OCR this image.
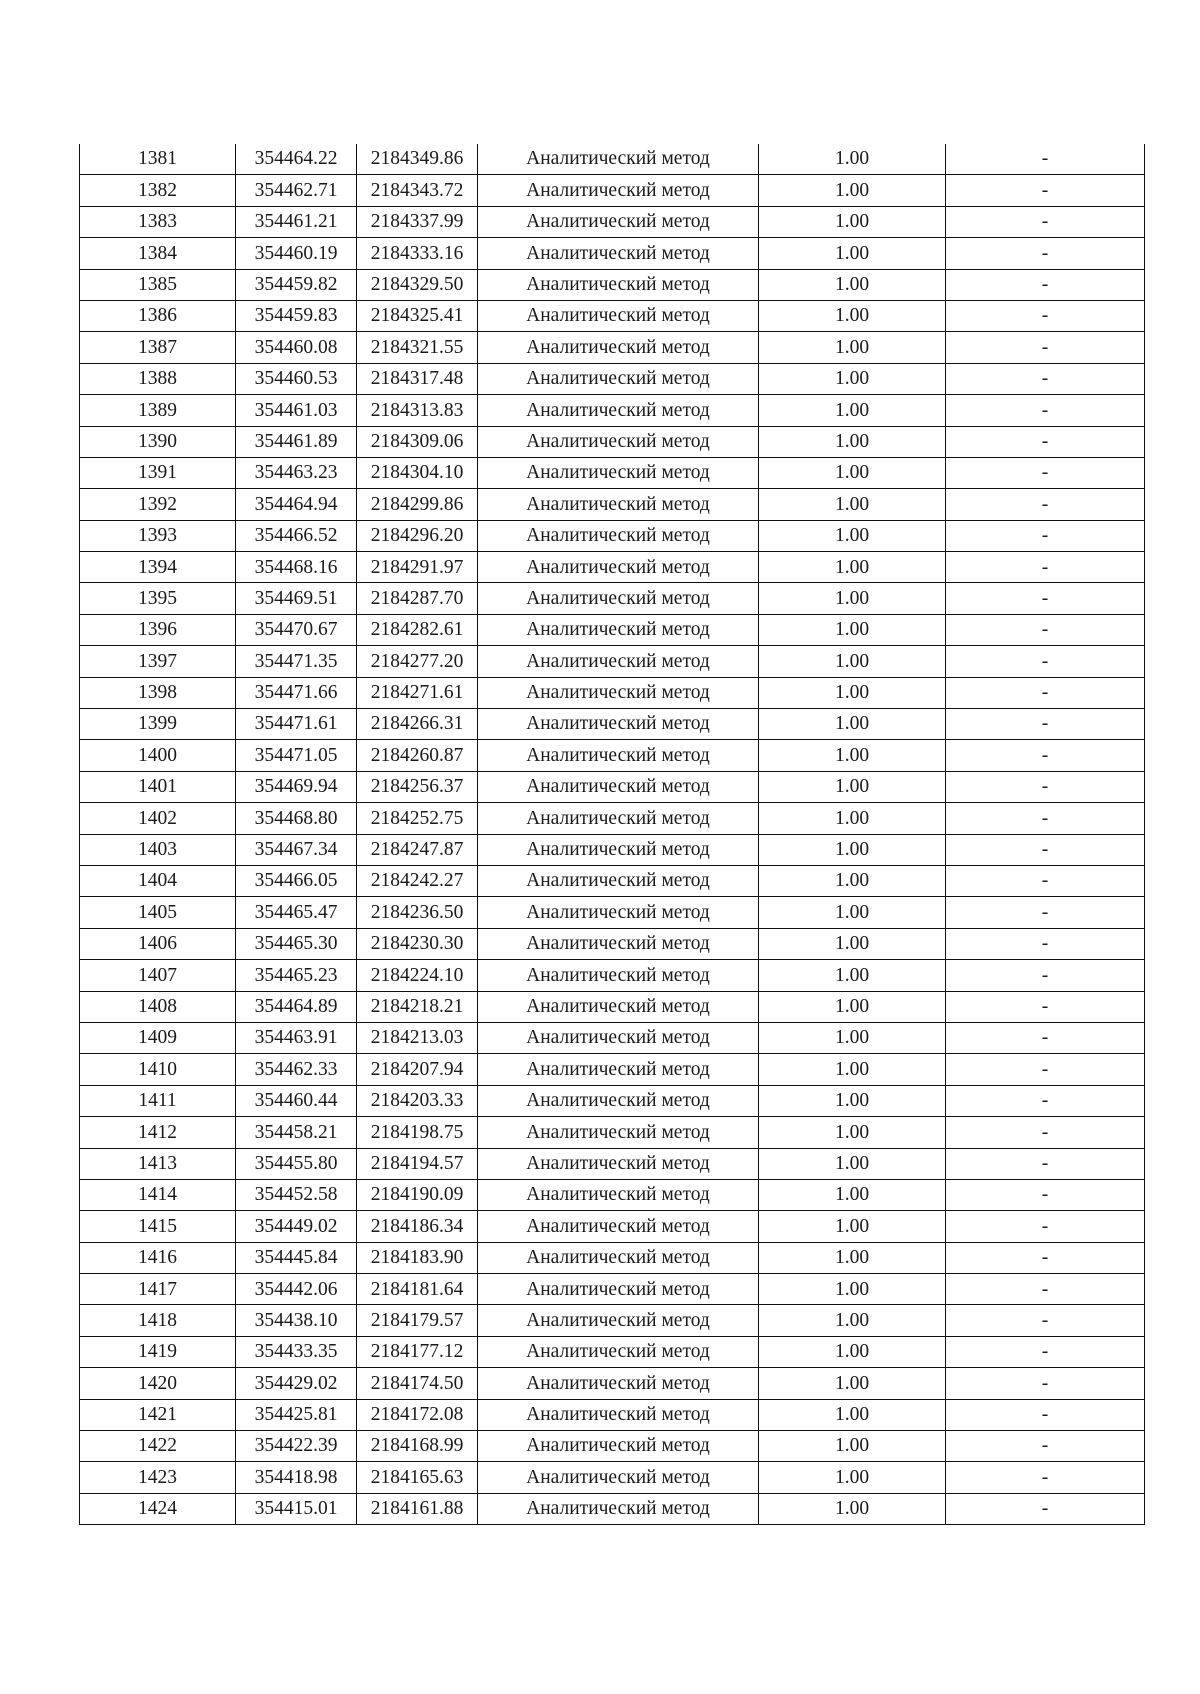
1381	354464.22	2184349.86	Аналитический метод	1.00	-
1382	354462.71	2184343.72	Аналитический метод	1.00	-
1383	354461.21	2184337.99	Аналитический метод	1.00	-
1384	354460.19	2184333.16	Аналитический метод	1.00	-
1385	354459.82	2184329.50	Аналитический метод	1.00	-
1386	354459.83	2184325.41	Аналитический метод	1.00	-
1387	354460.08	2184321.55	Аналитический метод	1.00	-
1388	354460.53	2184317.48	Аналитический метод	1.00	-
1389	354461.03	2184313.83	Аналитический метод	1.00	-
1390	354461.89	2184309.06	Аналитический метод	1.00	-
1391	354463.23	2184304.10	Аналитический метод	1.00	-
1392	354464.94	2184299.86	Аналитический метод	1.00	-
1393	354466.52	2184296.20	Аналитический метод	1.00	-
1394	354468.16	2184291.97	Аналитический метод	1.00	-
1395	354469.51	2184287.70	Аналитический метод	1.00	-
1396	354470.67	2184282.61	Аналитический метод	1.00	-
1397	354471.35	2184277.20	Аналитический метод	1.00	-
1398	354471.66	2184271.61	Аналитический метод	1.00	-
1399	354471.61	2184266.31	Аналитический метод	1.00	-
1400	354471.05	2184260.87	Аналитический метод	1.00	-
1401	354469.94	2184256.37	Аналитический метод	1.00	-
1402	354468.80	2184252.75	Аналитический метод	1.00	-
1403	354467.34	2184247.87	Аналитический метод	1.00	-
1404	354466.05	2184242.27	Аналитический метод	1.00	-
1405	354465.47	2184236.50	Аналитический метод	1.00	-
1406	354465.30	2184230.30	Аналитический метод	1.00	-
1407	354465.23	2184224.10	Аналитический метод	1.00	-
1408	354464.89	2184218.21	Аналитический метод	1.00	-
1409	354463.91	2184213.03	Аналитический метод	1.00	-
1410	354462.33	2184207.94	Аналитический метод	1.00	-
1411	354460.44	2184203.33	Аналитический метод	1.00	-
1412	354458.21	2184198.75	Аналитический метод	1.00	-
1413	354455.80	2184194.57	Аналитический метод	1.00	-
1414	354452.58	2184190.09	Аналитический метод	1.00	-
1415	354449.02	2184186.34	Аналитический метод	1.00	-
1416	354445.84	2184183.90	Аналитический метод	1.00	-
1417	354442.06	2184181.64	Аналитический метод	1.00	-
1418	354438.10	2184179.57	Аналитический метод	1.00	-
1419	354433.35	2184177.12	Аналитический метод	1.00	-
1420	354429.02	2184174.50	Аналитический метод	1.00	-
1421	354425.81	2184172.08	Аналитический метод	1.00	-
1422	354422.39	2184168.99	Аналитический метод	1.00	-
1423	354418.98	2184165.63	Аналитический метод	1.00	-
1424	354415.01	2184161.88	Аналитический метод	1.00	-
